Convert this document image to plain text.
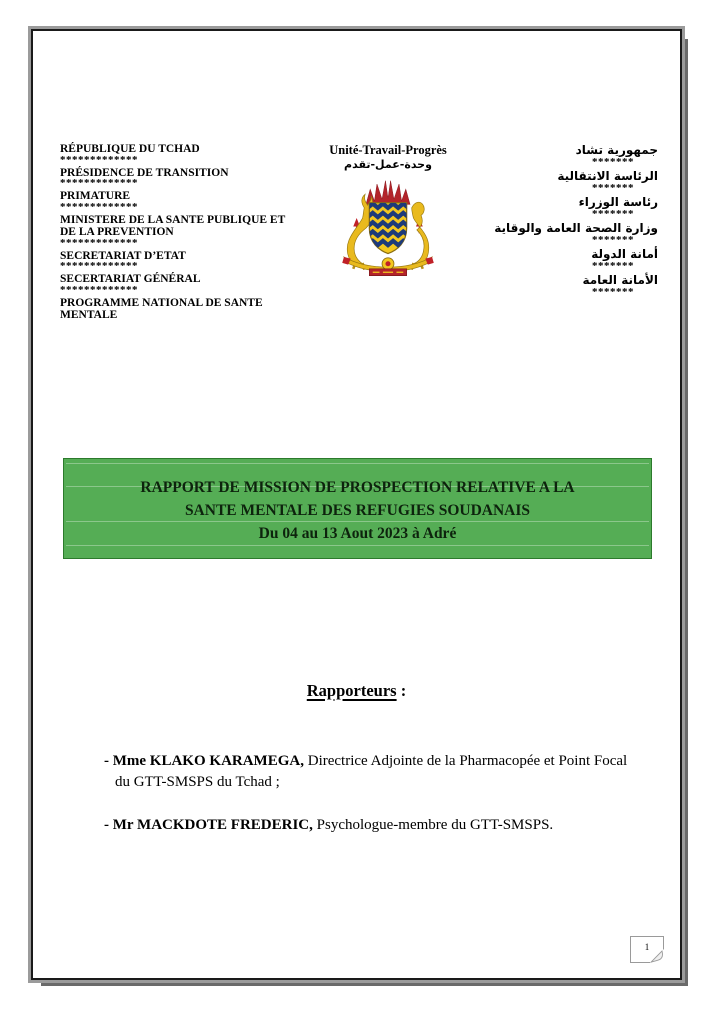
RÉPUBLIQUE DU TCHAD
*************
PRÉSIDENCE DE TRANSITION
*************
PRIMATURE
*************
MINISTERE DE LA SANTE PUBLIQUE ET DE LA PREVENTION
*************
SECRETARIAT D’ETAT
*************
SECERTARIAT GÉNÉRAL
*************
PROGRAMME NATIONAL DE SANTE MENTALE
Unité-Travail-Progrès
وحدة-عمل-تقدم
جمهورية تشاد
*******
الرئاسة الانتقالية
*******
رئاسة الوزراء
*******
وزارة الصحة العامة والوقاية
*******
أمانة الدولة
*******
الأمانة العامة
*******
RAPPORT DE MISSION DE PROSPECTION RELATIVE A LA
SANTE MENTALE DES REFUGIES SOUDANAIS
Du 04 au 13 Aout 2023 à Adré
Rapporteurs :
- Mme KLAKO KARAMEGA, Directrice Adjointe de la Pharmacopée et Point Focal du GTT-SMSPS du Tchad ;
- Mr MACKDOTE FREDERIC, Psychologue-membre du GTT-SMSPS.
1
